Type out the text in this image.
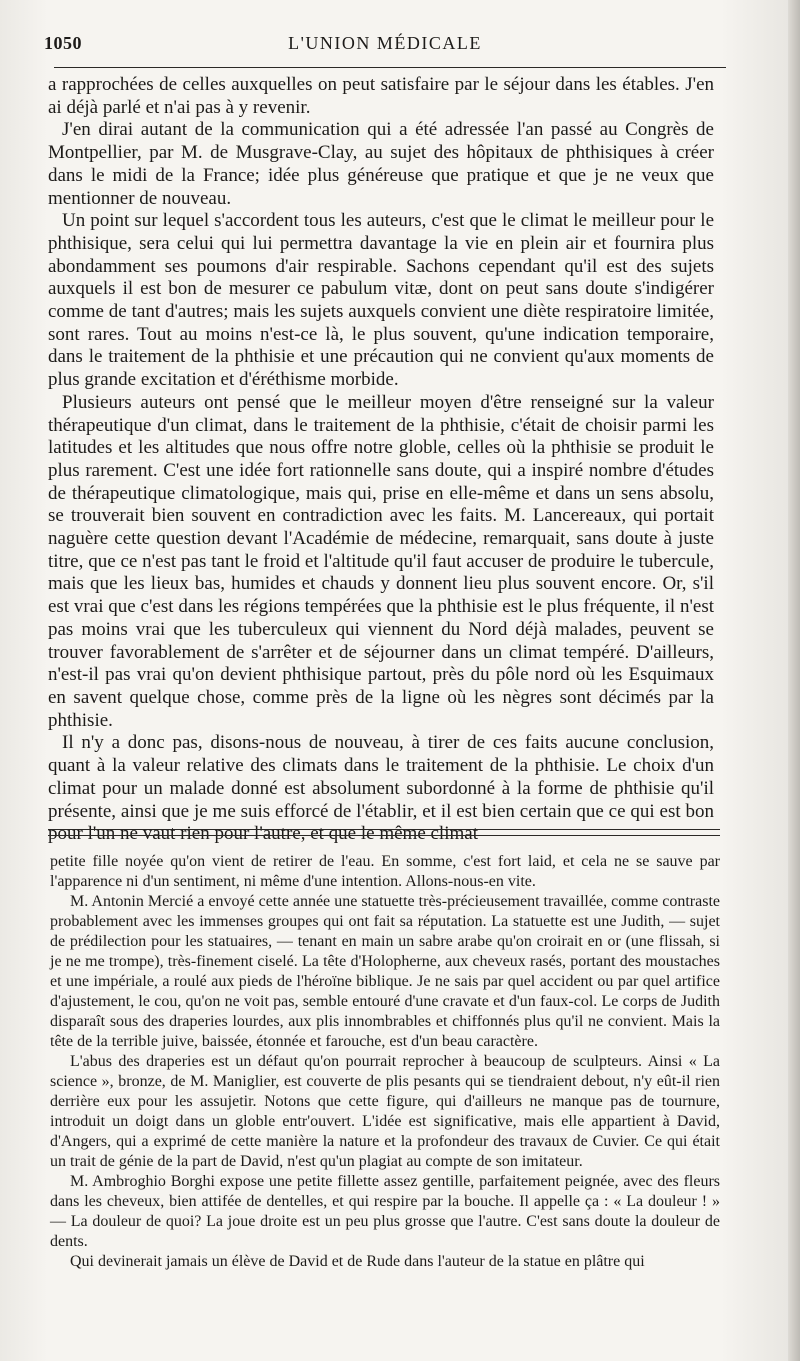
1050	L'UNION MÉDICALE

a rapprochées de celles auxquelles on peut satisfaire par le séjour dans les étables. J'en ai déjà parlé et n'ai pas à y revenir.

J'en dirai autant de la communication qui a été adressée l'an passé au Congrès de Montpellier, par M. de Musgrave-Clay, au sujet des hôpitaux de phthisiques à créer dans le midi de la France; idée plus généreuse que pratique et que je ne veux que mentionner de nouveau.

Un point sur lequel s'accordent tous les auteurs, c'est que le climat le meilleur pour le phthisique, sera celui qui lui permettra davantage la vie en plein air et fournira plus abondamment ses poumons d'air respirable. Sachons cependant qu'il est des sujets auxquels il est bon de mesurer ce pabulum vitæ, dont on peut sans doute s'indigérer comme de tant d'autres; mais les sujets auxquels convient une diète respiratoire limitée, sont rares. Tout au moins n'est-ce là, le plus souvent, qu'une indication temporaire, dans le traitement de la phthisie et une précaution qui ne convient qu'aux moments de plus grande excitation et d'éréthisme morbide.

Plusieurs auteurs ont pensé que le meilleur moyen d'être renseigné sur la valeur thérapeutique d'un climat, dans le traitement de la phthisie, c'était de choisir parmi les latitudes et les altitudes que nous offre notre globle, celles où la phthisie se produit le plus rarement. C'est une idée fort rationnelle sans doute, qui a inspiré nombre d'études de thérapeutique climatologique, mais qui, prise en elle-même et dans un sens absolu, se trouverait bien souvent en contradiction avec les faits. M. Lancereaux, qui portait naguère cette question devant l'Académie de médecine, remarquait, sans doute à juste titre, que ce n'est pas tant le froid et l'altitude qu'il faut accuser de produire le tubercule, mais que les lieux bas, humides et chauds y donnent lieu plus souvent encore. Or, s'il est vrai que c'est dans les régions tempérées que la phthisie est le plus fréquente, il n'est pas moins vrai que les tuberculeux qui viennent du Nord déjà malades, peuvent se trouver favorablement de s'arrêter et de séjourner dans un climat tempéré. D'ailleurs, n'est-il pas vrai qu'on devient phthisique partout, près du pôle nord où les Esquimaux en savent quelque chose, comme près de la ligne où les nègres sont décimés par la phthisie.

Il n'y a donc pas, disons-nous de nouveau, à tirer de ces faits aucune conclusion, quant à la valeur relative des climats dans le traitement de la phthisie. Le choix d'un climat pour un malade donné est absolument subordonné à la forme de phthisie qu'il présente, ainsi que je me suis efforcé de l'établir, et il est bien certain que ce qui est bon pour l'un ne vaut rien pour l'autre, et que le même climat

petite fille noyée qu'on vient de retirer de l'eau. En somme, c'est fort laid, et cela ne se sauve par l'apparence ni d'un sentiment, ni même d'une intention. Allons-nous-en vite.

M. Antonin Mercié a envoyé cette année une statuette très-précieusement travaillée, comme contraste probablement avec les immenses groupes qui ont fait sa réputation. La statuette est une Judith, — sujet de prédilection pour les statuaires, — tenant en main un sabre arabe qu'on croirait en or (une flissah, si je ne me trompe), très-finement ciselé. La tête d'Holopherne, aux cheveux rasés, portant des moustaches et une impériale, a roulé aux pieds de l'héroïne biblique. Je ne sais par quel accident ou par quel artifice d'ajustement, le cou, qu'on ne voit pas, semble entouré d'une cravate et d'un faux-col. Le corps de Judith disparaît sous des draperies lourdes, aux plis innombrables et chiffonnés plus qu'il ne convient. Mais la tête de la terrible juive, baissée, étonnée et farouche, est d'un beau caractère.

L'abus des draperies est un défaut qu'on pourrait reprocher à beaucoup de sculpteurs. Ainsi « La science », bronze, de M. Maniglier, est couverte de plis pesants qui se tiendraient debout, n'y eût-il rien derrière eux pour les assujetir. Notons que cette figure, qui d'ailleurs ne manque pas de tournure, introduit un doigt dans un globle entr'ouvert. L'idée est significative, mais elle appartient à David, d'Angers, qui a exprimé de cette manière la nature et la profondeur des travaux de Cuvier. Ce qui était un trait de génie de la part de David, n'est qu'un plagiat au compte de son imitateur.

M. Ambroghio Borghi expose une petite fillette assez gentille, parfaitement peignée, avec des fleurs dans les cheveux, bien attifée de dentelles, et qui respire par la bouche. Il appelle ça : « La douleur ! » — La douleur de quoi? La joue droite est un peu plus grosse que l'autre. C'est sans doute la douleur de dents.

Qui devinerait jamais un élève de David et de Rude dans l'auteur de la statue en plâtre qui
